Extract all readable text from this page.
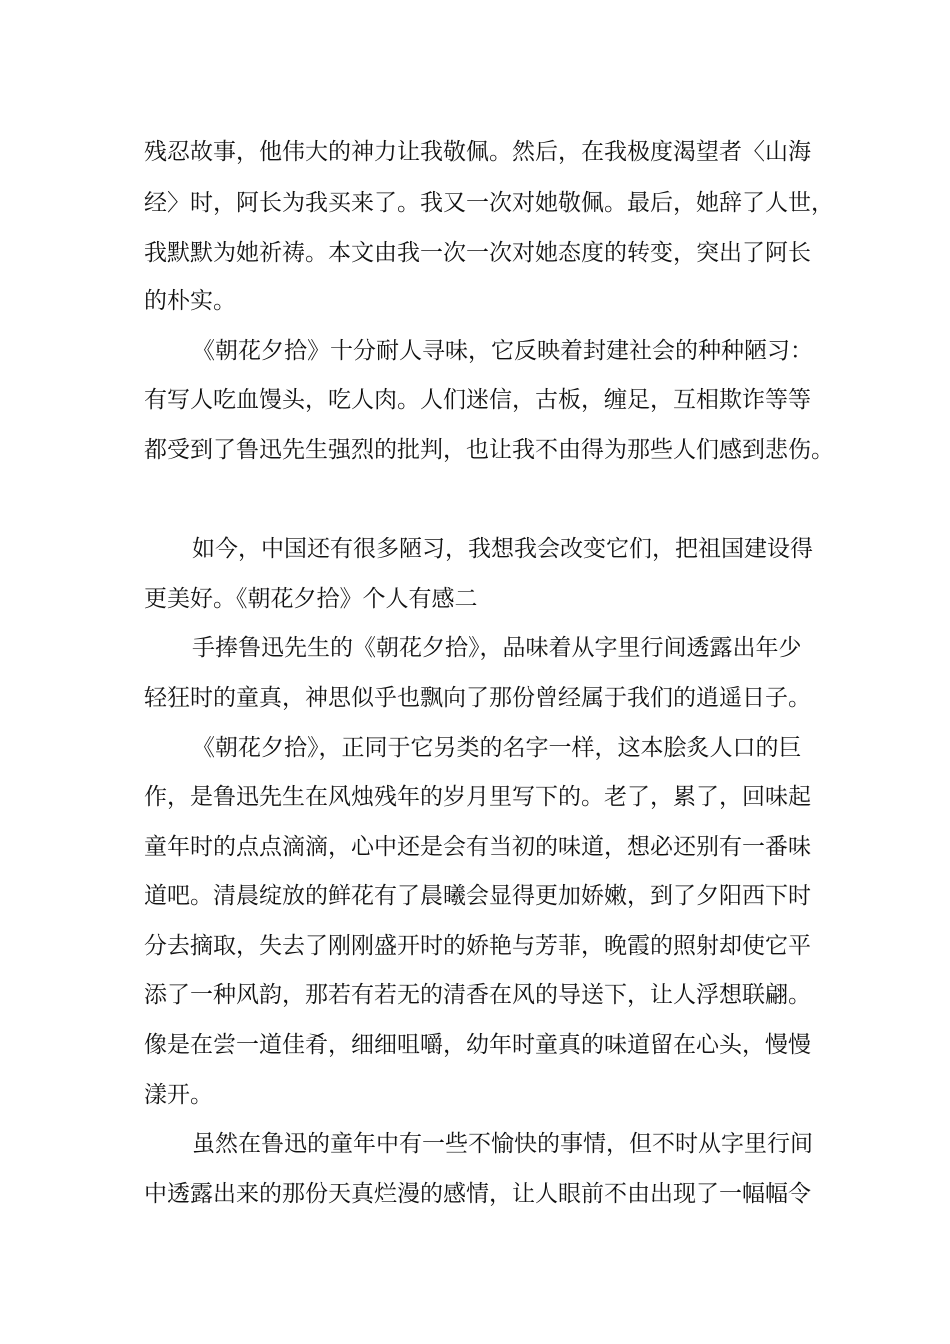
残忍故事，他伟大的神力让我敬佩。然后，在我极度渴望者〈山海

经〉时，阿长为我买来了。我又一次对她敬佩。最后，她辞了人世，

我默默为她祈祷。本文由我一次一次对她态度的转变，突出了阿长

的朴实。

《朝花夕拾》十分耐人寻味，它反映着封建社会的种种陋习：

有写人吃血馒头，吃人肉。人们迷信，古板，缠足，互相欺诈等等

都受到了鲁迅先生强烈的批判，也让我不由得为那些人们感到悲伤。

如今，中国还有很多陋习，我想我会改变它们，把祖国建设得

更美好。《朝花夕拾》个人有感二

手捧鲁迅先生的《朝花夕拾》，品味着从字里行间透露出年少

轻狂时的童真，神思似乎也飘向了那份曾经属于我们的逍遥日子。

《朝花夕拾》，正同于它另类的名字一样，这本脍炙人口的巨

作，是鲁迅先生在风烛残年的岁月里写下的。老了，累了，回味起

童年时的点点滴滴，心中还是会有当初的味道，想必还别有一番味

道吧。清晨绽放的鲜花有了晨曦会显得更加娇嫩，到了夕阳西下时

分去摘取，失去了刚刚盛开时的娇艳与芳菲，晚霞的照射却使它平

添了一种风韵，那若有若无的清香在风的导送下，让人浮想联翩。

像是在尝一道佳肴，细细咀嚼，幼年时童真的味道留在心头，慢慢

漾开。

虽然在鲁迅的童年中有一些不愉快的事情，但不时从字里行间

中透露出来的那份天真烂漫的感情，让人眼前不由出现了一幅幅令
